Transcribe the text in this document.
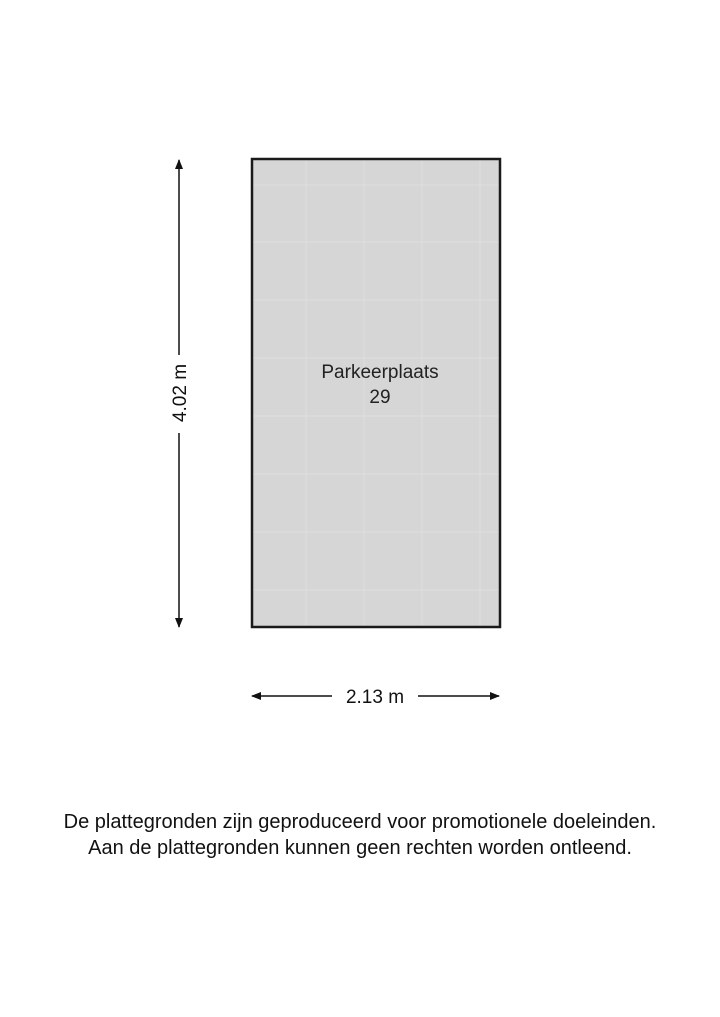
Parkeerplaats
29
4.02 m
2.13 m
De plattegronden zijn geproduceerd voor promotionele doeleinden.
Aan de plattegronden kunnen geen rechten worden ontleend.
